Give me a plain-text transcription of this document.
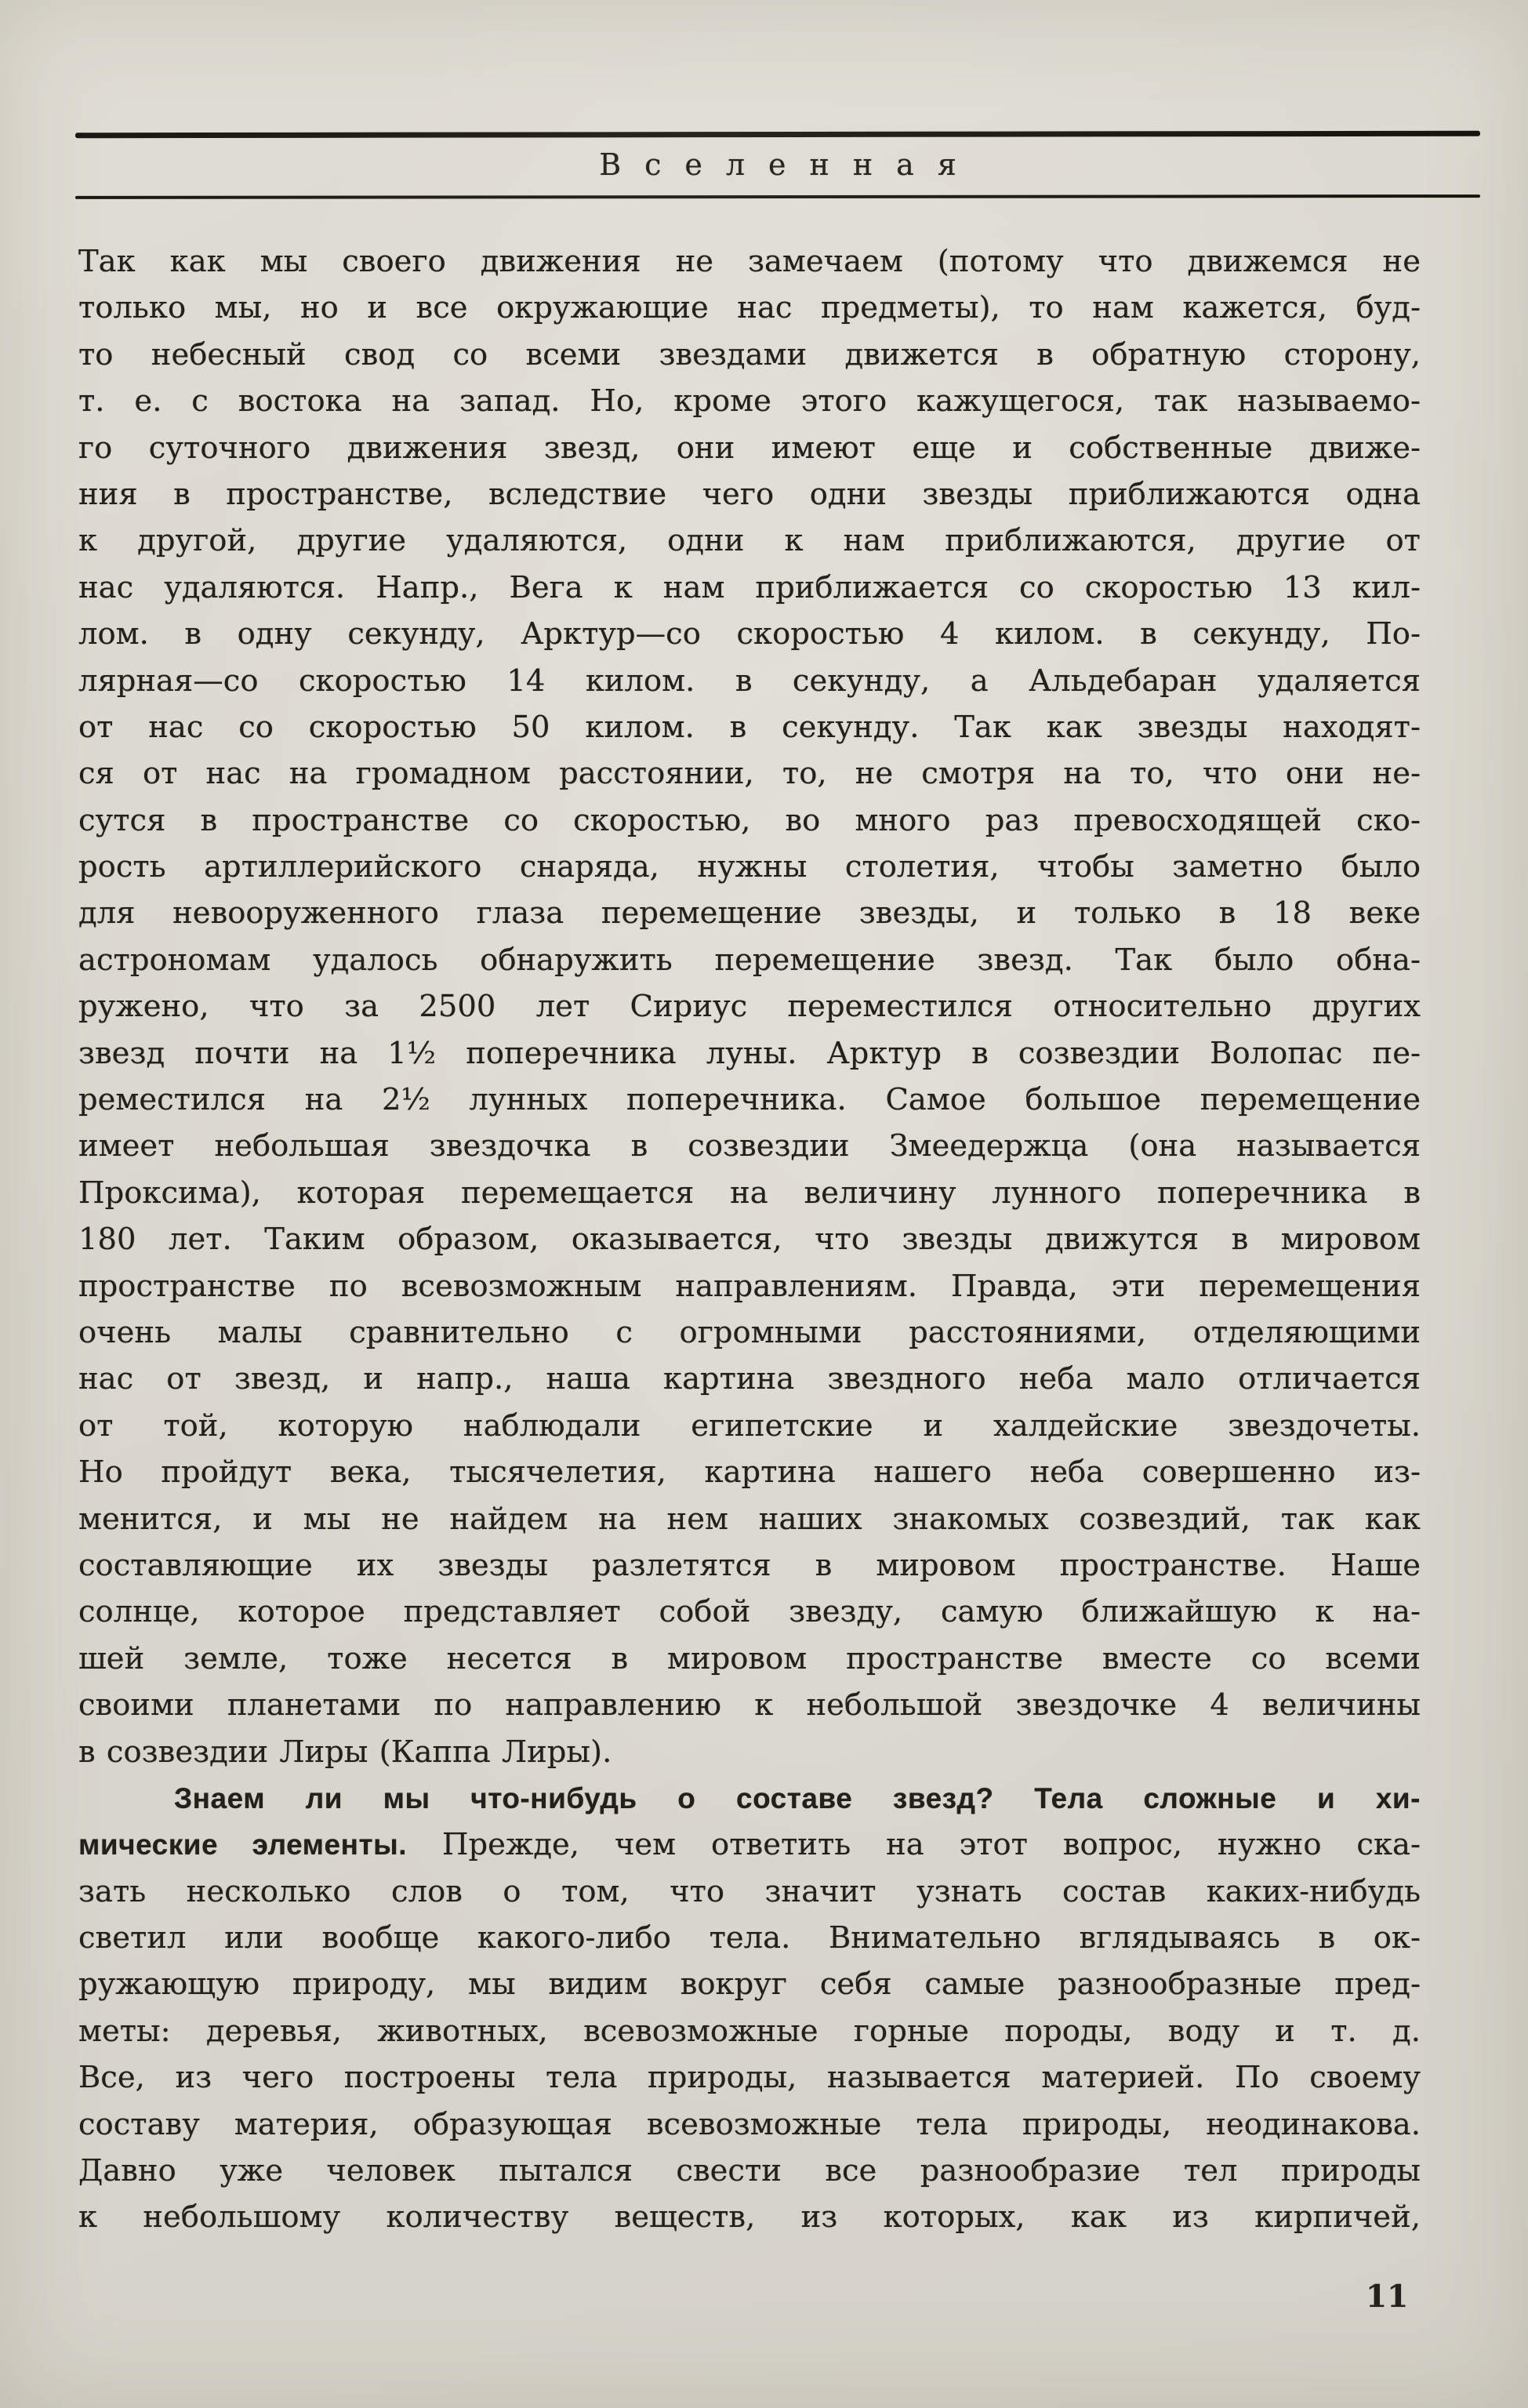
Вселенная
Так как мы своего движения не замечаем (потому что движемся не
только мы, но и все окружающие нас предметы), то нам кажется, буд-
то небесный свод со всеми звездами движется в обратную сторону,
т. е. с востока на запад. Но, кроме этого кажущегося, так называемо-
го суточного движения звезд, они имеют еще и собственные движе-
ния в пространстве, вследствие чего одни звезды приближаются одна
к другой, другие удаляются, одни к нам приближаются, другие от
нас удаляются. Напр., Вега к нам приближается со скоростью 13 кил-
лом. в одну секунду, Арктур—со скоростью 4 килом. в секунду, По-
лярная—со скоростью 14 килом. в секунду, а Альдебаран удаляется
от нас со скоростью 50 килом. в секунду. Так как звезды находят-
ся от нас на громадном расстоянии, то, не смотря на то, что они не-
сутся в пространстве со скоростью, во много раз превосходящей ско-
рость артиллерийского снаряда, нужны столетия, чтобы заметно было
для невооруженного глаза перемещение звезды, и только в 18 веке
астрономам удалось обнаружить перемещение звезд. Так было обна-
ружено, что за 2500 лет Сириус переместился относительно других
звезд почти на 1½ поперечника луны. Арктур в созвездии Волопас пе-
реместился на 2½ лунных поперечника. Самое большое перемещение
имеет небольшая звездочка в созвездии Змеедержца (она называется
Проксима), которая перемещается на величину лунного поперечника в
180 лет. Таким образом, оказывается, что звезды движутся в мировом
пространстве по всевозможным направлениям. Правда, эти перемещения
очень малы сравнительно с огромными расстояниями, отделяющими
нас от звезд, и напр., наша картина звездного неба мало отличается
от той, которую наблюдали египетские и халдейские звездочеты.
Но пройдут века, тысячелетия, картина нашего неба совершенно из-
менится, и мы не найдем на нем наших знакомых созвездий, так как
составляющие их звезды разлетятся в мировом пространстве. Наше
солнце, которое представляет собой звезду, самую ближайшую к на-
шей земле, тоже несется в мировом пространстве вместе со всеми
своими планетами по направлению к небольшой звездочке 4 величины
в созвездии Лиры (Каппа Лиры).
Знаем ли мы что-нибудь о составе звезд? Тела сложные и хи-
мические элементы. Прежде, чем ответить на этот вопрос, нужно ска-
зать несколько слов о том, что значит узнать состав каких-нибудь
светил или вообще какого-либо тела. Внимательно вглядываясь в ок-
ружающую природу, мы видим вокруг себя самые разнообразные пред-
меты: деревья, животных, всевозможные горные породы, воду и т. д.
Все, из чего построены тела природы, называется материей. По своему
составу материя, образующая всевозможные тела природы, неодинакова.
Давно уже человек пытался свести все разнообразие тел природы
к небольшому количеству веществ, из которых, как из кирпичей,
11
